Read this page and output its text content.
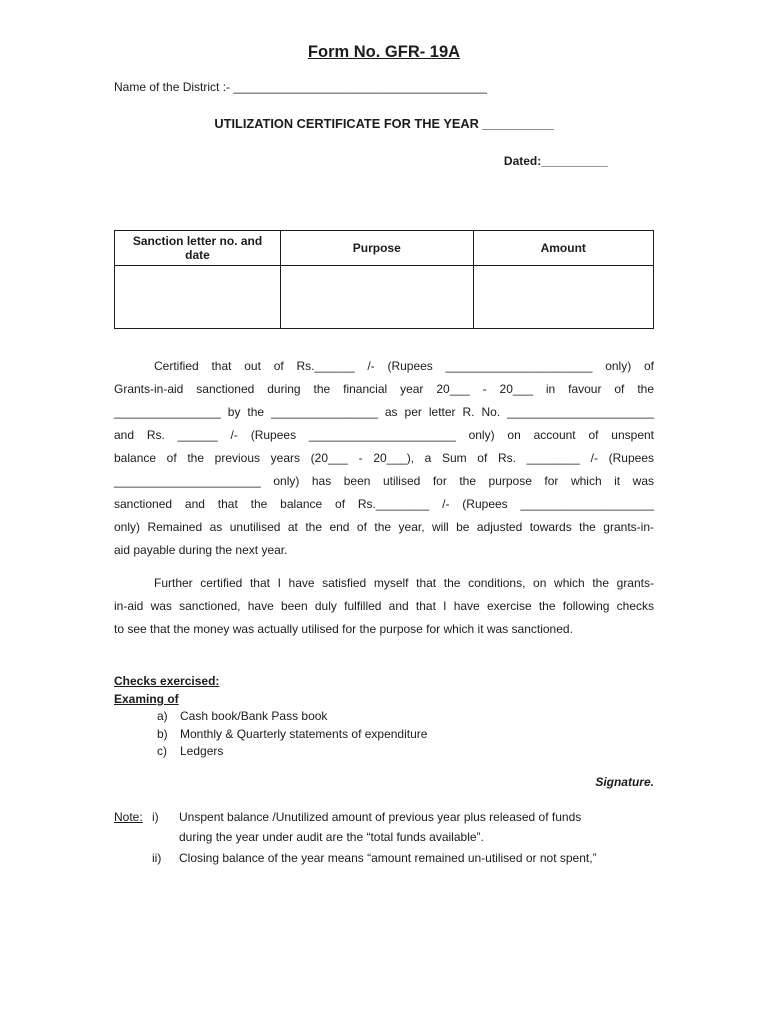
Form No. GFR- 19A
Name of the District :- ______________________________________
UTILIZATION CERTIFICATE FOR THE YEAR __________
Dated:__________
Sanction letter no. and date	Purpose	Amount

Certified that out of Rs.______ /- (Rupees ______________________ only) of
Grants-in-aid sanctioned during the financial year 20___ - 20___ in favour of the
________________ by the ________________ as per letter R. No. ______________________
and Rs. ______ /- (Rupees ______________________ only) on account of unspent
balance of the previous years (20___ - 20___), a Sum of Rs. ________ /- (Rupees
______________________ only) has been utilised for the purpose for which it was
sanctioned and that the balance of Rs.________ /- (Rupees ____________________
only) Remained as unutilised at the end of the year, will be adjusted towards the grants-in-
aid payable during the next year.
Further certified that I have satisfied myself that the conditions, on which the grants-
in-aid was sanctioned, have been duly fulfilled and that I have exercise the following checks
to see that the money was actually utilised for the purpose for which it was sanctioned.
Checks exercised:
Examing of
a)	Cash book/Bank Pass book
b)	Monthly & Quarterly statements of expenditure
c)	Ledgers
Signature.
Note: i)	Unspent balance /Unutilized amount of previous year plus released of funds
during the year under audit are the “total funds available”.
ii)	Closing balance of the year means “amount remained un-utilised or not spent,”
